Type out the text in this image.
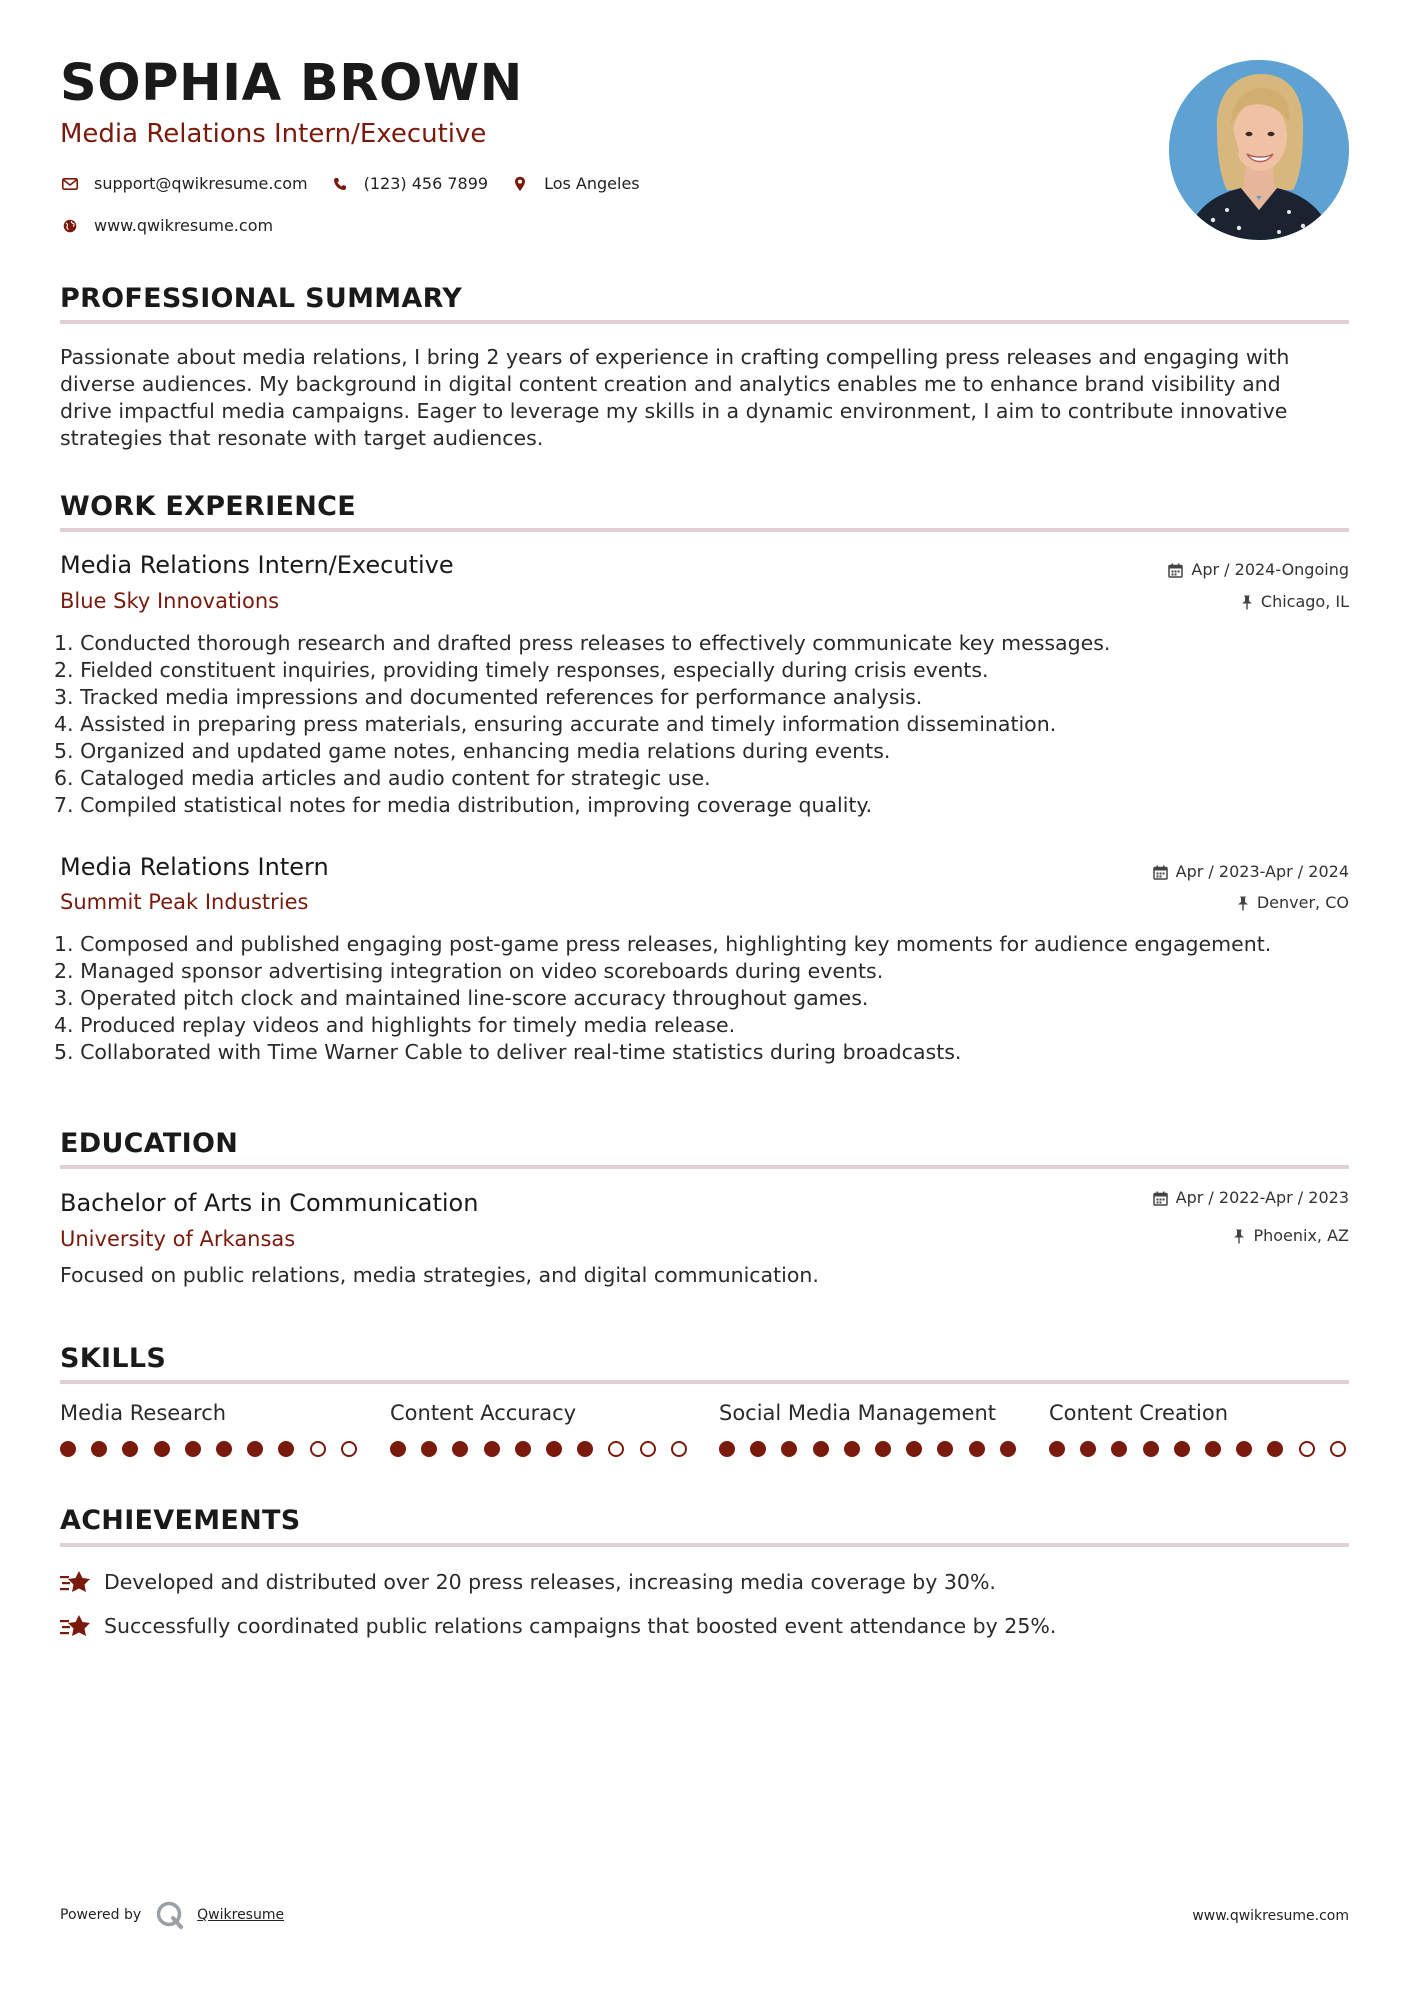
SOPHIA BROWN
Media Relations Intern/Executive
support@qwikresume.com	(123) 456 7899	Los Angeles
www.qwikresume.com
PROFESSIONAL SUMMARY
Passionate about media relations, I bring 2 years of experience in crafting compelling press releases and engaging with
diverse audiences. My background in digital content creation and analytics enables me to enhance brand visibility and
drive impactful media campaigns. Eager to leverage my skills in a dynamic environment, I aim to contribute innovative
strategies that resonate with target audiences.
WORK EXPERIENCE
Media Relations Intern/Executive
Blue Sky Innovations
Apr / 2024-Ongoing
Chicago, IL
1. Conducted thorough research and drafted press releases to effectively communicate key messages.
2. Fielded constituent inquiries, providing timely responses, especially during crisis events.
3. Tracked media impressions and documented references for performance analysis.
4. Assisted in preparing press materials, ensuring accurate and timely information dissemination.
5. Organized and updated game notes, enhancing media relations during events.
6. Cataloged media articles and audio content for strategic use.
7. Compiled statistical notes for media distribution, improving coverage quality.
Media Relations Intern
Summit Peak Industries
Apr / 2023-Apr / 2024
Denver, CO
1. Composed and published engaging post-game press releases, highlighting key moments for audience engagement.
2. Managed sponsor advertising integration on video scoreboards during events.
3. Operated pitch clock and maintained line-score accuracy throughout games.
4. Produced replay videos and highlights for timely media release.
5. Collaborated with Time Warner Cable to deliver real-time statistics during broadcasts.
EDUCATION
Bachelor of Arts in Communication
University of Arkansas
Apr / 2022-Apr / 2023
Phoenix, AZ
Focused on public relations, media strategies, and digital communication.
SKILLS
Media Research	Content Accuracy	Social Media Management	Content Creation
ACHIEVEMENTS
Developed and distributed over 20 press releases, increasing media coverage by 30%.
Successfully coordinated public relations campaigns that boosted event attendance by 25%.
Powered by	Qwikresume	www.qwikresume.com
